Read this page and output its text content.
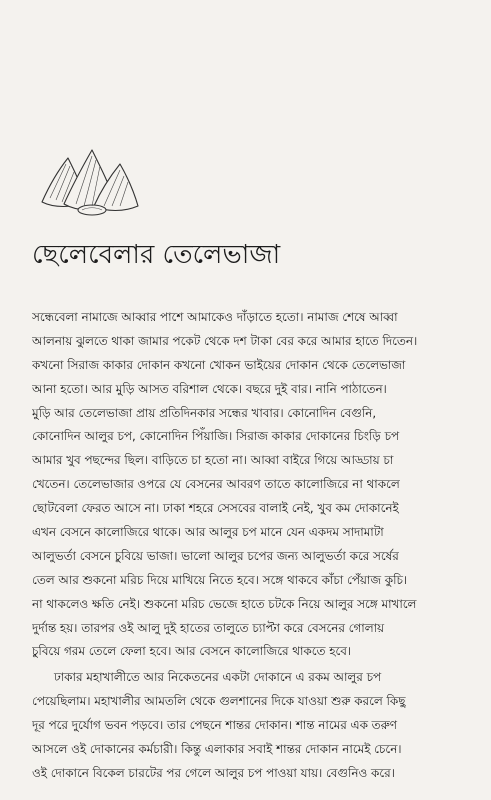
ছেলেবেলার তেলেভাজা
সন্ধেবেলা নামাজে আব্বার পাশে আমাকেও দাঁড়াতে হতো। নামাজ শেষে আব্বা
আলনায় ঝুলতে থাকা জামার পকেট থেকে দশ টাকা বের করে আমার হাতে দিতেন।
কখনো সিরাজ কাকার দোকান কখনো খোকন ভাইয়ের দোকান থেকে তেলেভাজা
আনা হতো। আর মুড়ি আসত বরিশাল থেকে। বছরে দুই বার। নানি পাঠাতেন।
মুড়ি আর তেলেভাজা প্রায় প্রতিদিনকার সন্ধের খাবার। কোনোদিন বেগুনি,
কোনোদিন আলুর চপ, কোনোদিন পিঁয়াজি। সিরাজ কাকার দোকানের চিংড়ি চপ
আমার খুব পছন্দের ছিল। বাড়িতে চা হতো না। আব্বা বাইরে গিয়ে আড্ডায় চা
খেতেন। তেলেভাজার ওপরে যে বেসনের আবরণ তাতে কালোজিরে না থাকলে
ছোটবেলা ফেরত আসে না। ঢাকা শহরে সেসবের বালাই নেই, খুব কম দোকানেই
এখন বেসনে কালোজিরে থাকে। আর আলুর চপ মানে যেন একদম সাদামাটা
আলুভর্তা বেসনে চুবিয়ে ভাজা। ভালো আলুর চপের জন্য আলুভর্তা করে সর্ষের
তেল আর শুকনো মরিচ দিয়ে মাখিয়ে নিতে হবে। সঙ্গে থাকবে কাঁচা পেঁয়াজ কুচি।
না থাকলেও ক্ষতি নেই। শুকনো মরিচ ভেজে হাতে চটকে নিয়ে আলুর সঙ্গে মাখালে
দুর্দান্ত হয়। তারপর ওই আলু দুই হাতের তালুতে চ্যাপ্টা করে বেসনের গোলায়
চুবিয়ে গরম তেলে ফেলা হবে। আর বেসনে কালোজিরে থাকতে হবে।
ঢাকার মহাখালীতে আর নিকেতনের একটা দোকানে এ রকম আলুর চপ
পেয়েছিলাম। মহাখালীর আমতলি থেকে গুলশানের দিকে যাওয়া শুরু করলে কিছু
দূর পরে দুর্যোগ ভবন পড়বে। তার পেছনে শান্তর দোকান। শান্ত নামের এক তরুণ
আসলে ওই দোকানের কর্মচারী। কিন্তু এলাকার সবাই শান্তর দোকান নামেই চেনে।
ওই দোকানে বিকেল চারটের পর গেলে আলুর চপ পাওয়া যায়। বেগুনিও করে।
